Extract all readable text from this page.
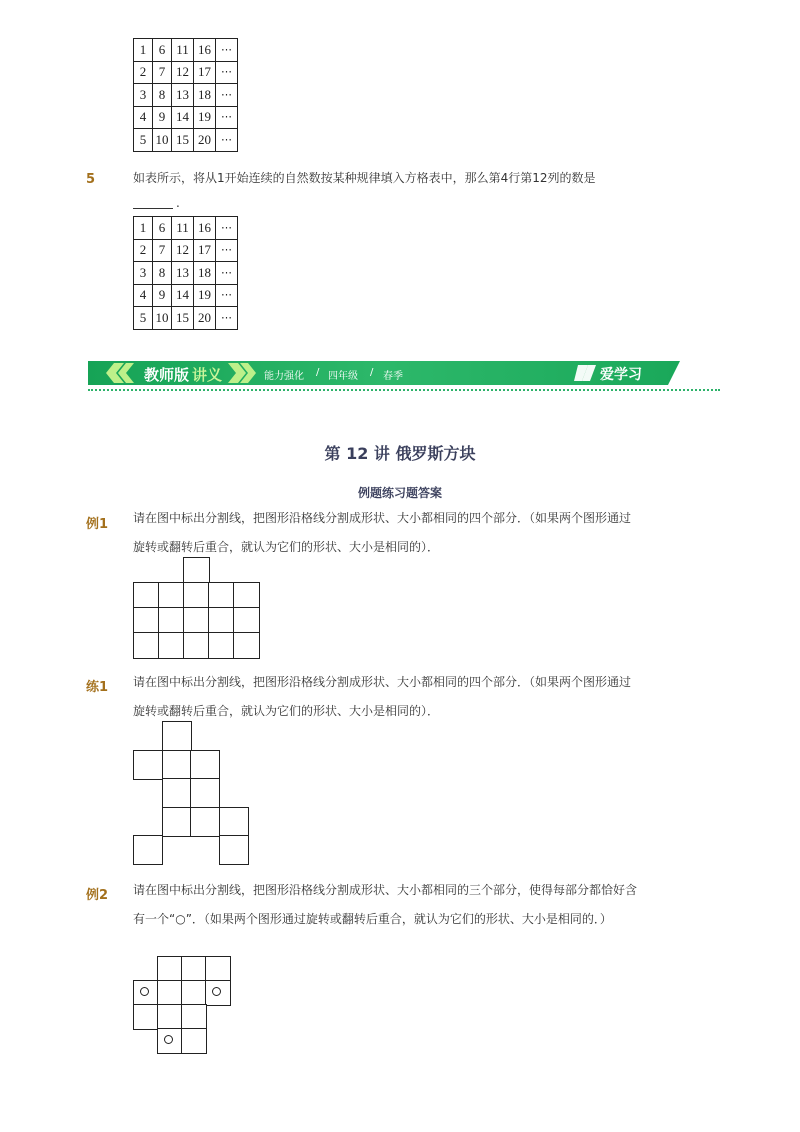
1	6	11	16	⋯
2	7	12	17	⋯
3	8	13	18	⋯
4	9	14	19	⋯
5	10	15	20	⋯
5	如表所示，将从1开始连续的自然数按某种规律填入方格表中，那么第4行第12列的数是
.
1	6	11	16	⋯
2	7	12	17	⋯
3	8	13	18	⋯
4	9	14	19	⋯
5	10	15	20	⋯
教师版 讲义	能力强化 / 四年级 / 春季	爱学习
第 12 讲 俄罗斯方块
例题练习题答案
例1 请在图中标出分割线，把图形沿格线分割成形状、大小都相同的四个部分．（如果两个图形通过
旋转或翻转后重合，就认为它们的形状、大小是相同的）．
练1 请在图中标出分割线，把图形沿格线分割成形状、大小都相同的四个部分．（如果两个图形通过
旋转或翻转后重合，就认为它们的形状、大小是相同的）．
例2 请在图中标出分割线，把图形沿格线分割成形状、大小都相同的三个部分，使得每部分都恰好含
有一个“○”．（如果两个图形通过旋转或翻转后重合，就认为它们的形状、大小是相同的．）
